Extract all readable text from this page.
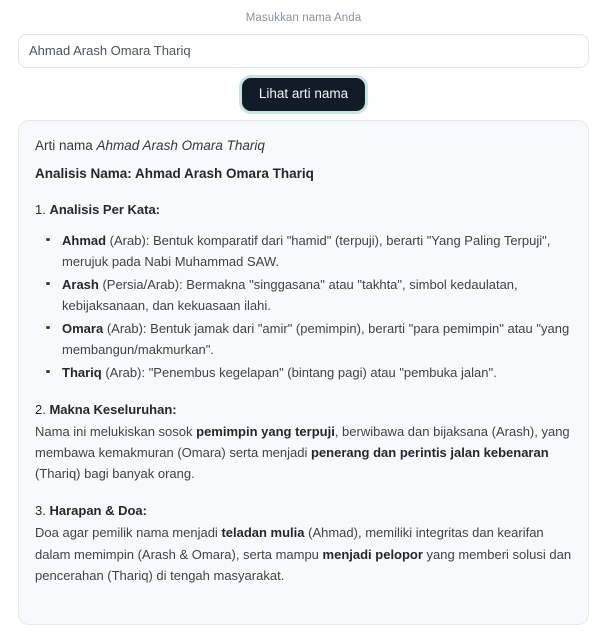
Masukkan nama Anda
Ahmad Arash Omara Thariq
Lihat arti nama
Arti nama Ahmad Arash Omara Thariq
Analisis Nama: Ahmad Arash Omara Thariq
1. Analisis Per Kata:
Ahmad (Arab): Bentuk komparatif dari "hamid" (terpuji), berarti "Yang Paling Terpuji", merujuk pada Nabi Muhammad SAW.
Arash (Persia/Arab): Bermakna "singgasana" atau "takhta", simbol kedaulatan, kebijaksanaan, dan kekuasaan ilahi.
Omara (Arab): Bentuk jamak dari "amir" (pemimpin), berarti "para pemimpin" atau "yang membangun/makmurkan".
Thariq (Arab): "Penembus kegelapan" (bintang pagi) atau "pembuka jalan".
2. Makna Keseluruhan:

Nama ini melukiskan sosok pemimpin yang terpuji, berwibawa dan bijaksana (Arash), yang membawa kemakmuran (Omara) serta menjadi penerang dan perintis jalan kebenaran (Thariq) bagi banyak orang.

3. Harapan & Doa:

Doa agar pemilik nama menjadi teladan mulia (Ahmad), memiliki integritas dan kearifan dalam memimpin (Arash & Omara), serta mampu menjadi pelopor yang memberi solusi dan pencerahan (Thariq) di tengah masyarakat.
